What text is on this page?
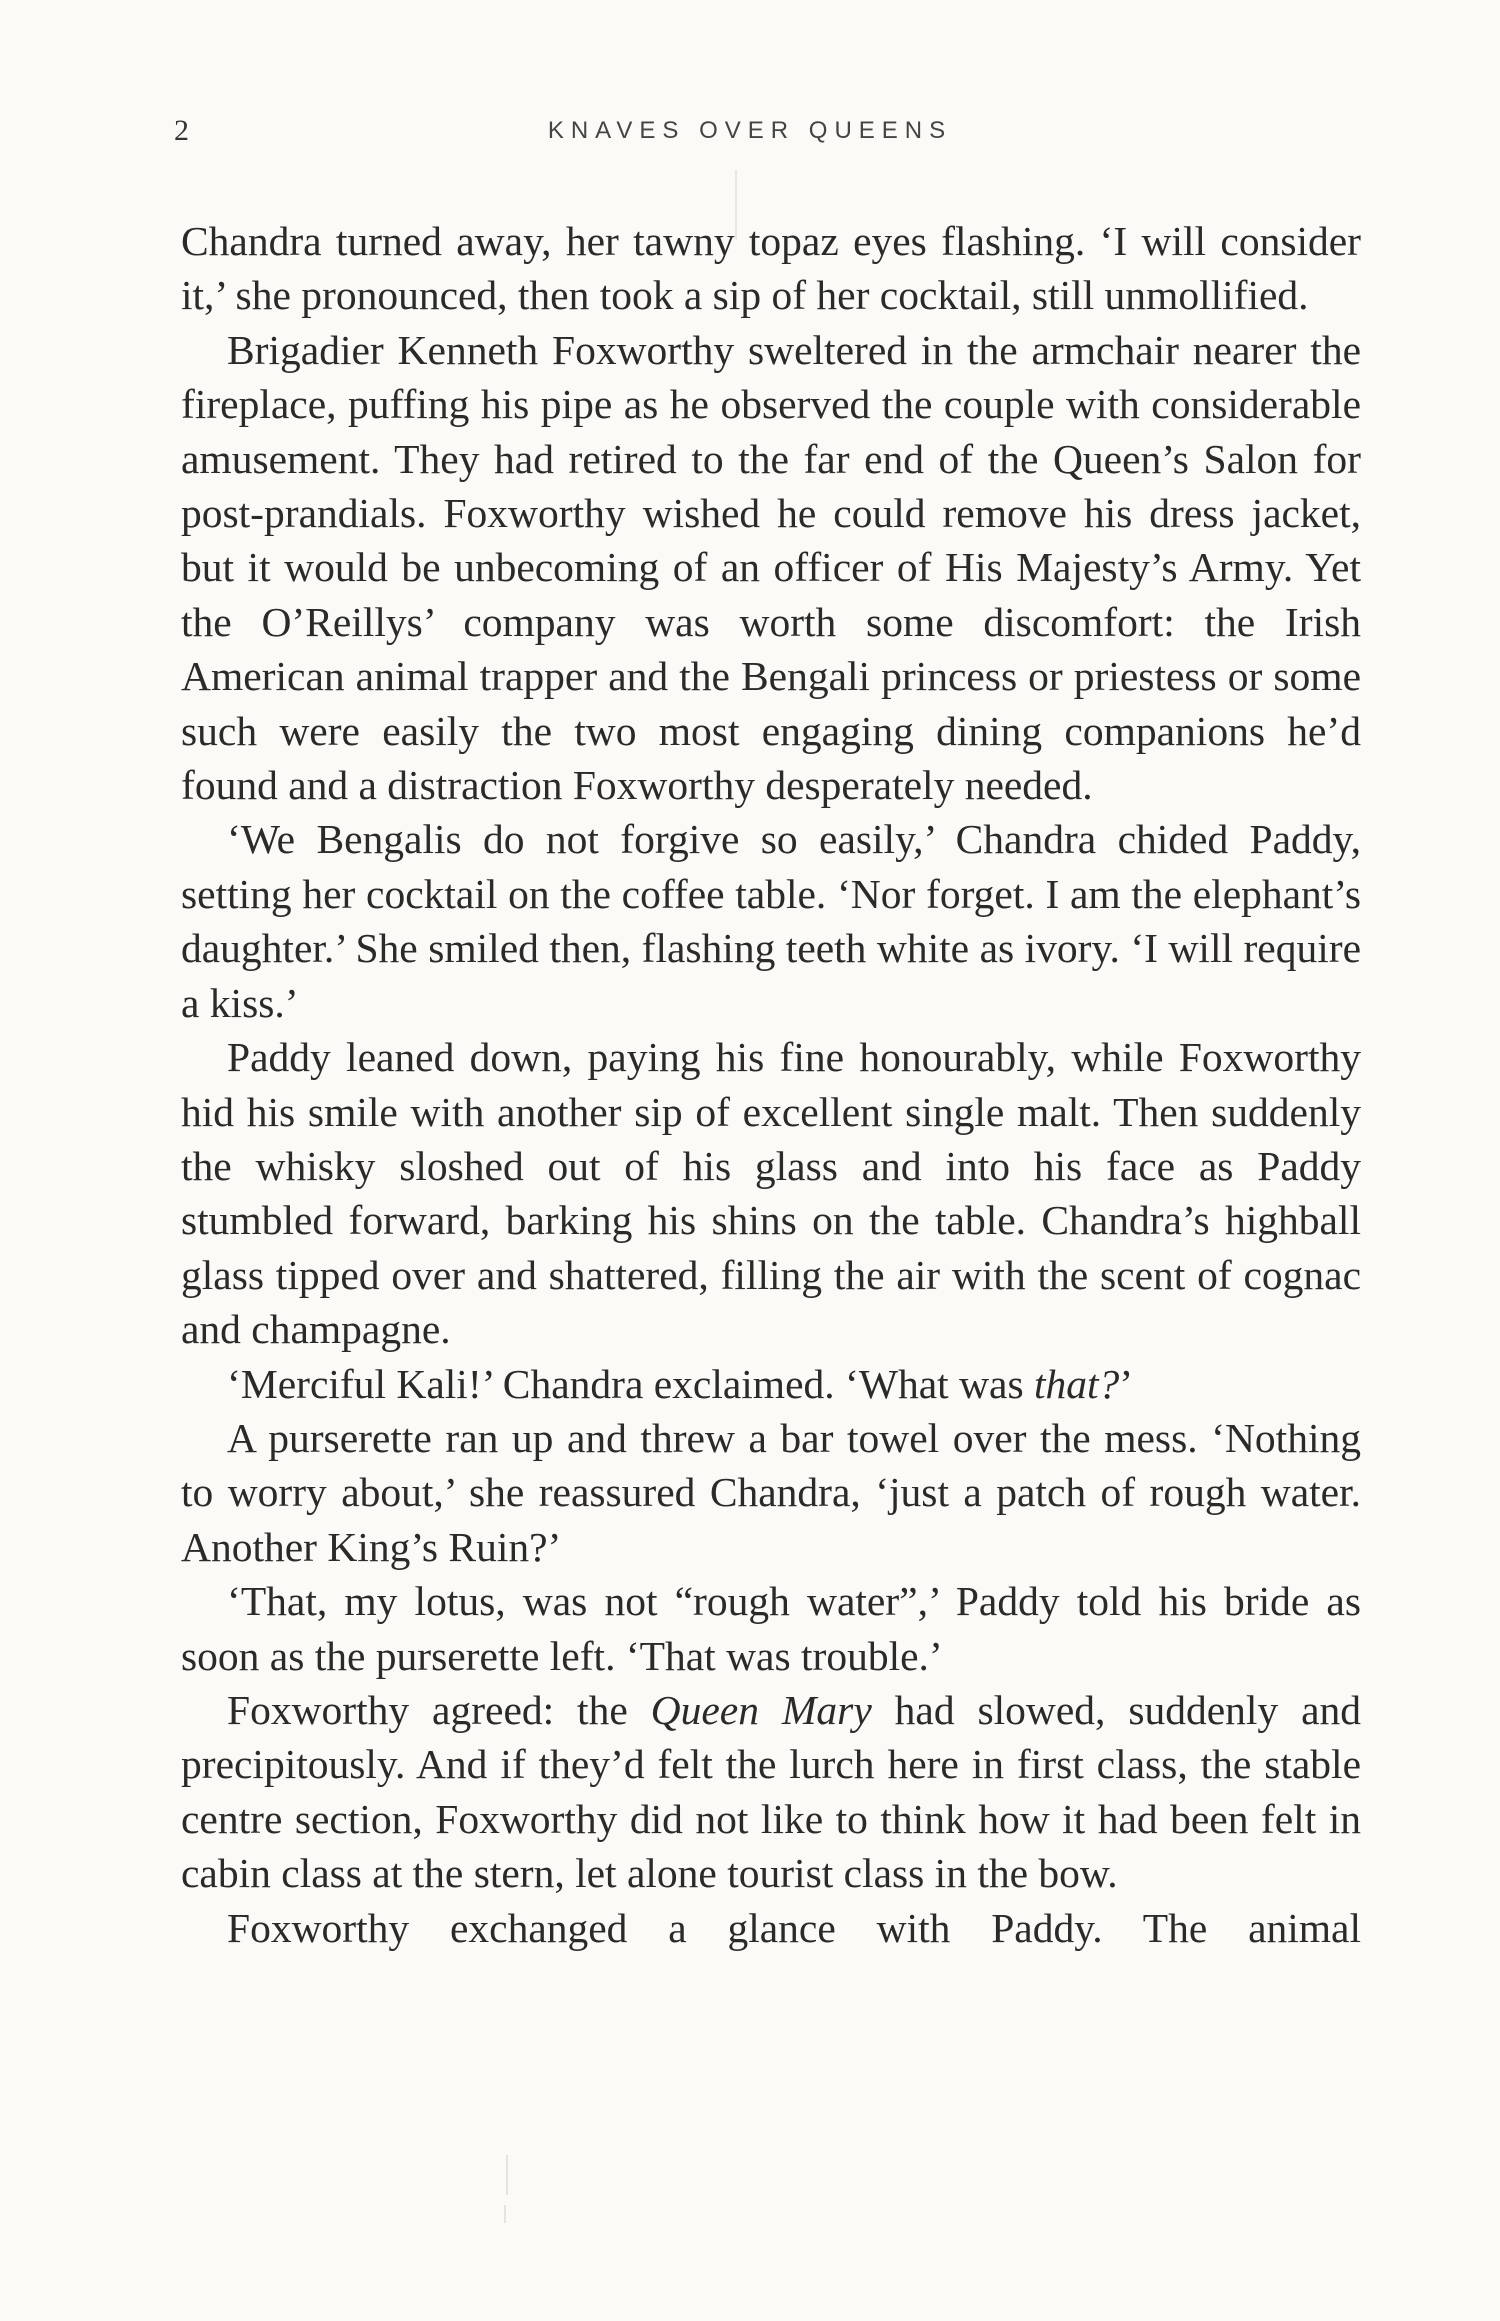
2	KNAVES OVER QUEENS

Chandra turned away, her tawny topaz eyes flashing. ‘I will consider it,’ she pronounced, then took a sip of her cocktail, still unmollified.

Brigadier Kenneth Foxworthy sweltered in the armchair nearer the fireplace, puffing his pipe as he observed the couple with considerable amusement. They had retired to the far end of the Queen’s Salon for post-prandials. Foxworthy wished he could remove his dress jacket, but it would be unbecoming of an officer of His Majesty’s Army. Yet the O’Reillys’ company was worth some discomfort: the Irish American animal trapper and the Bengali princess or priestess or some such were easily the two most engaging dining companions he’d found and a distraction Foxworthy desperately needed.

‘We Bengalis do not forgive so easily,’ Chandra chided Paddy, setting her cocktail on the coffee table. ‘Nor forget. I am the elephant’s daughter.’ She smiled then, flashing teeth white as ivory. ‘I will require a kiss.’

Paddy leaned down, paying his fine honourably, while Foxworthy hid his smile with another sip of excellent single malt. Then suddenly the whisky sloshed out of his glass and into his face as Paddy stumbled forward, barking his shins on the table. Chandra’s highball glass tipped over and shattered, filling the air with the scent of cognac and champagne.

‘Merciful Kali!’ Chandra exclaimed. ‘What was that?’

A purserette ran up and threw a bar towel over the mess. ‘Nothing to worry about,’ she reassured Chandra, ‘just a patch of rough water. Another King’s Ruin?’

‘That, my lotus, was not “rough water”,’ Paddy told his bride as soon as the purserette left. ‘That was trouble.’

Foxworthy agreed: the Queen Mary had slowed, suddenly and precipitously. And if they’d felt the lurch here in first class, the stable centre section, Foxworthy did not like to think how it had been felt in cabin class at the stern, let alone tourist class in the bow.

Foxworthy exchanged a glance with Paddy. The animal
